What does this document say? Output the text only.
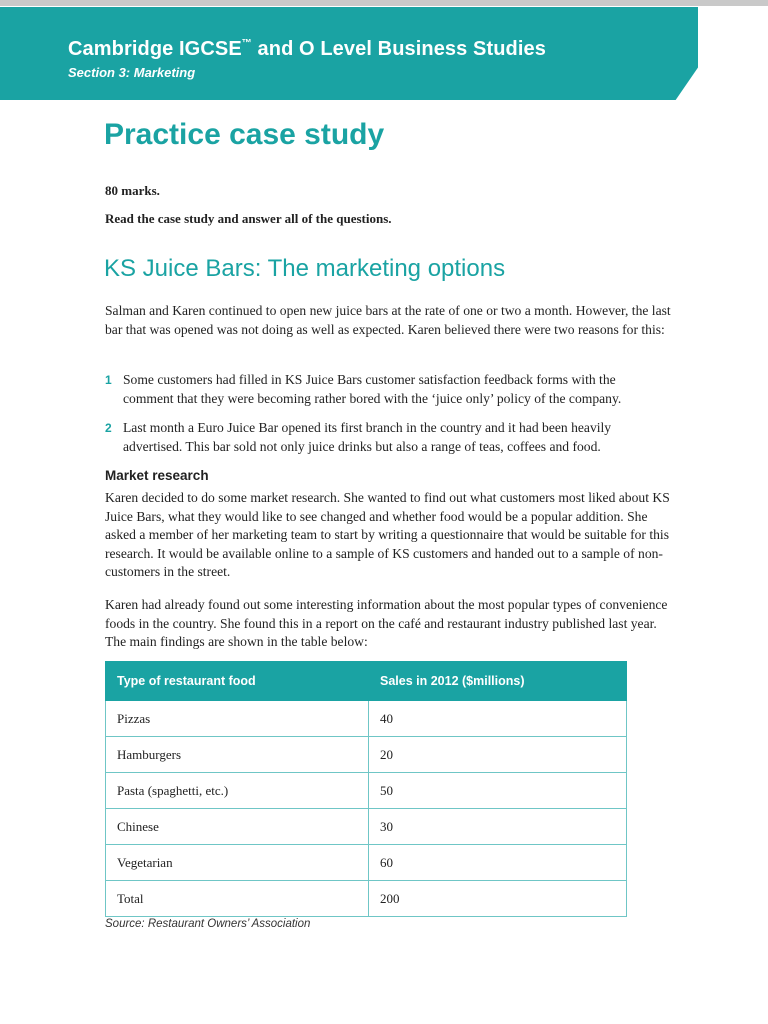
Cambridge IGCSE™ and O Level Business Studies
Section 3: Marketing
Practice case study
80 marks.
Read the case study and answer all of the questions.
KS Juice Bars: The marketing options

Salman and Karen continued to open new juice bars at the rate of one or two a month. However, the last bar that was opened was not doing as well as expected. Karen believed there were two reasons for this:

1 Some customers had filled in KS Juice Bars customer satisfaction feedback forms with the comment that they were becoming rather bored with the ‘juice only’ policy of the company.
2 Last month a Euro Juice Bar opened its first branch in the country and it had been heavily advertised. This bar sold not only juice drinks but also a range of teas, coffees and food.
Market research

Karen decided to do some market research. She wanted to find out what customers most liked about KS Juice Bars, what they would like to see changed and whether food would be a popular addition. She asked a member of her marketing team to start by writing a questionnaire that would be suitable for this research. It would be available online to a sample of KS customers and handed out to a sample of non-customers in the street.

Karen had already found out some interesting information about the most popular types of convenience foods in the country. She found this in a report on the café and restaurant industry published last year. The main findings are shown in the table below:

Type of restaurant food	Sales in 2012 ($millions)
Pizzas	40
Hamburgers	20
Pasta (spaghetti, etc.)	50
Chinese	30
Vegetarian	60
Total	200
Source: Restaurant Owners’ Association
